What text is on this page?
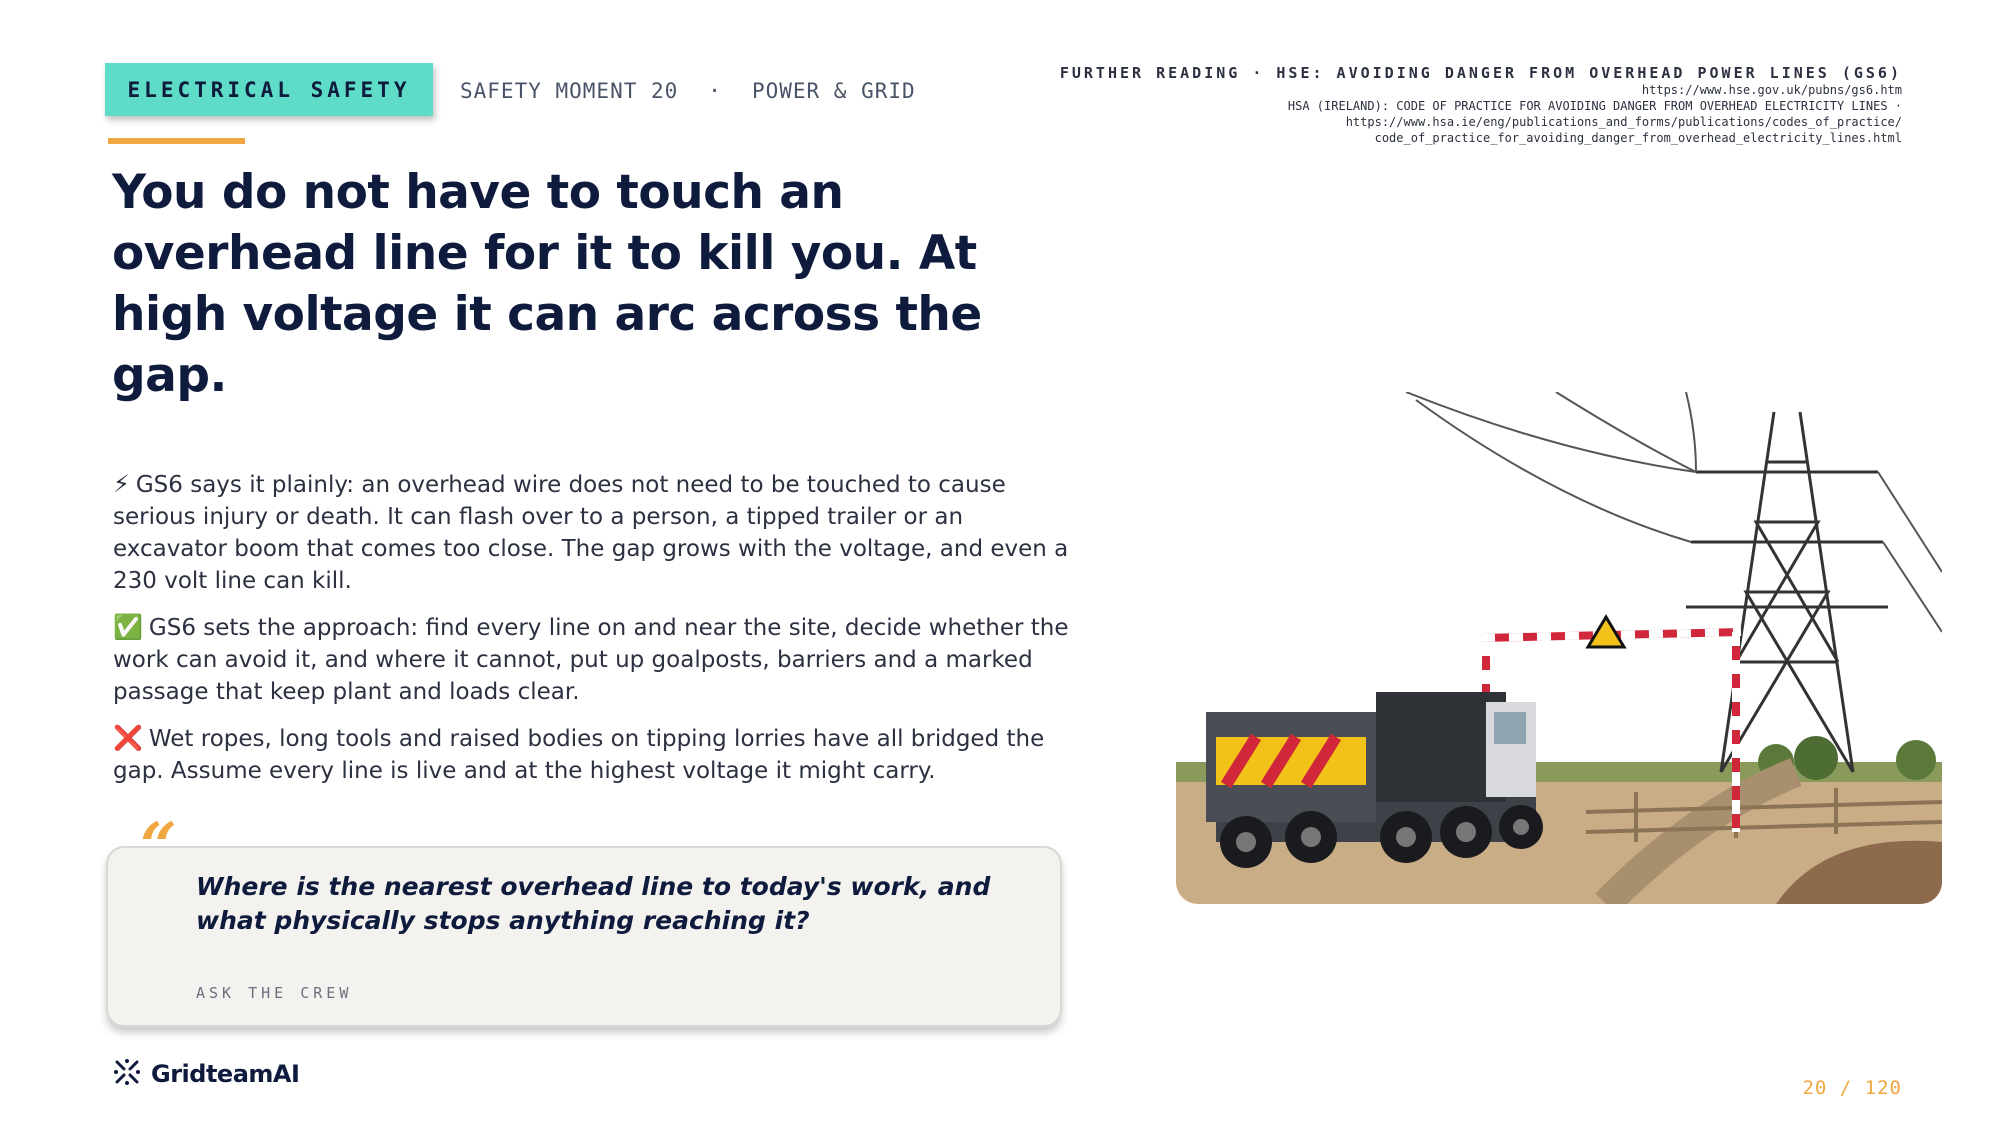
ELECTRICAL SAFETY	SAFETY MOMENT 20 · POWER & GRID
You do not have to touch an overhead line for it to kill you. At high voltage it can arc across the gap.

⚡ GS6 says it plainly: an overhead wire does not need to be touched to cause serious injury or death. It can flash over to a person, a tipped trailer or an excavator boom that comes too close. The gap grows with the voltage, and even a 230 volt line can kill.

✅ GS6 sets the approach: find every line on and near the site, decide whether the work can avoid it, and where it cannot, put up goalposts, barriers and a marked passage that keep plant and loads clear.

❌ Wet ropes, long tools and raised bodies on tipping lorries have all bridged the gap. Assume every line is live and at the highest voltage it might carry.

Where is the nearest overhead line to today's work, and what physically stops anything reaching it?

ASK THE CREW
“
FURTHER READING · HSE: AVOIDING DANGER FROM OVERHEAD POWER LINES (GS6)
https://www.hse.gov.uk/pubns/gs6.htm
HSA (IRELAND): CODE OF PRACTICE FOR AVOIDING DANGER FROM OVERHEAD ELECTRICITY LINES ·
https://www.hsa.ie/eng/publications_and_forms/publications/codes_of_practice/
code_of_practice_for_avoiding_danger_from_overhead_electricity_lines.html
GridteamAI	20 / 120
